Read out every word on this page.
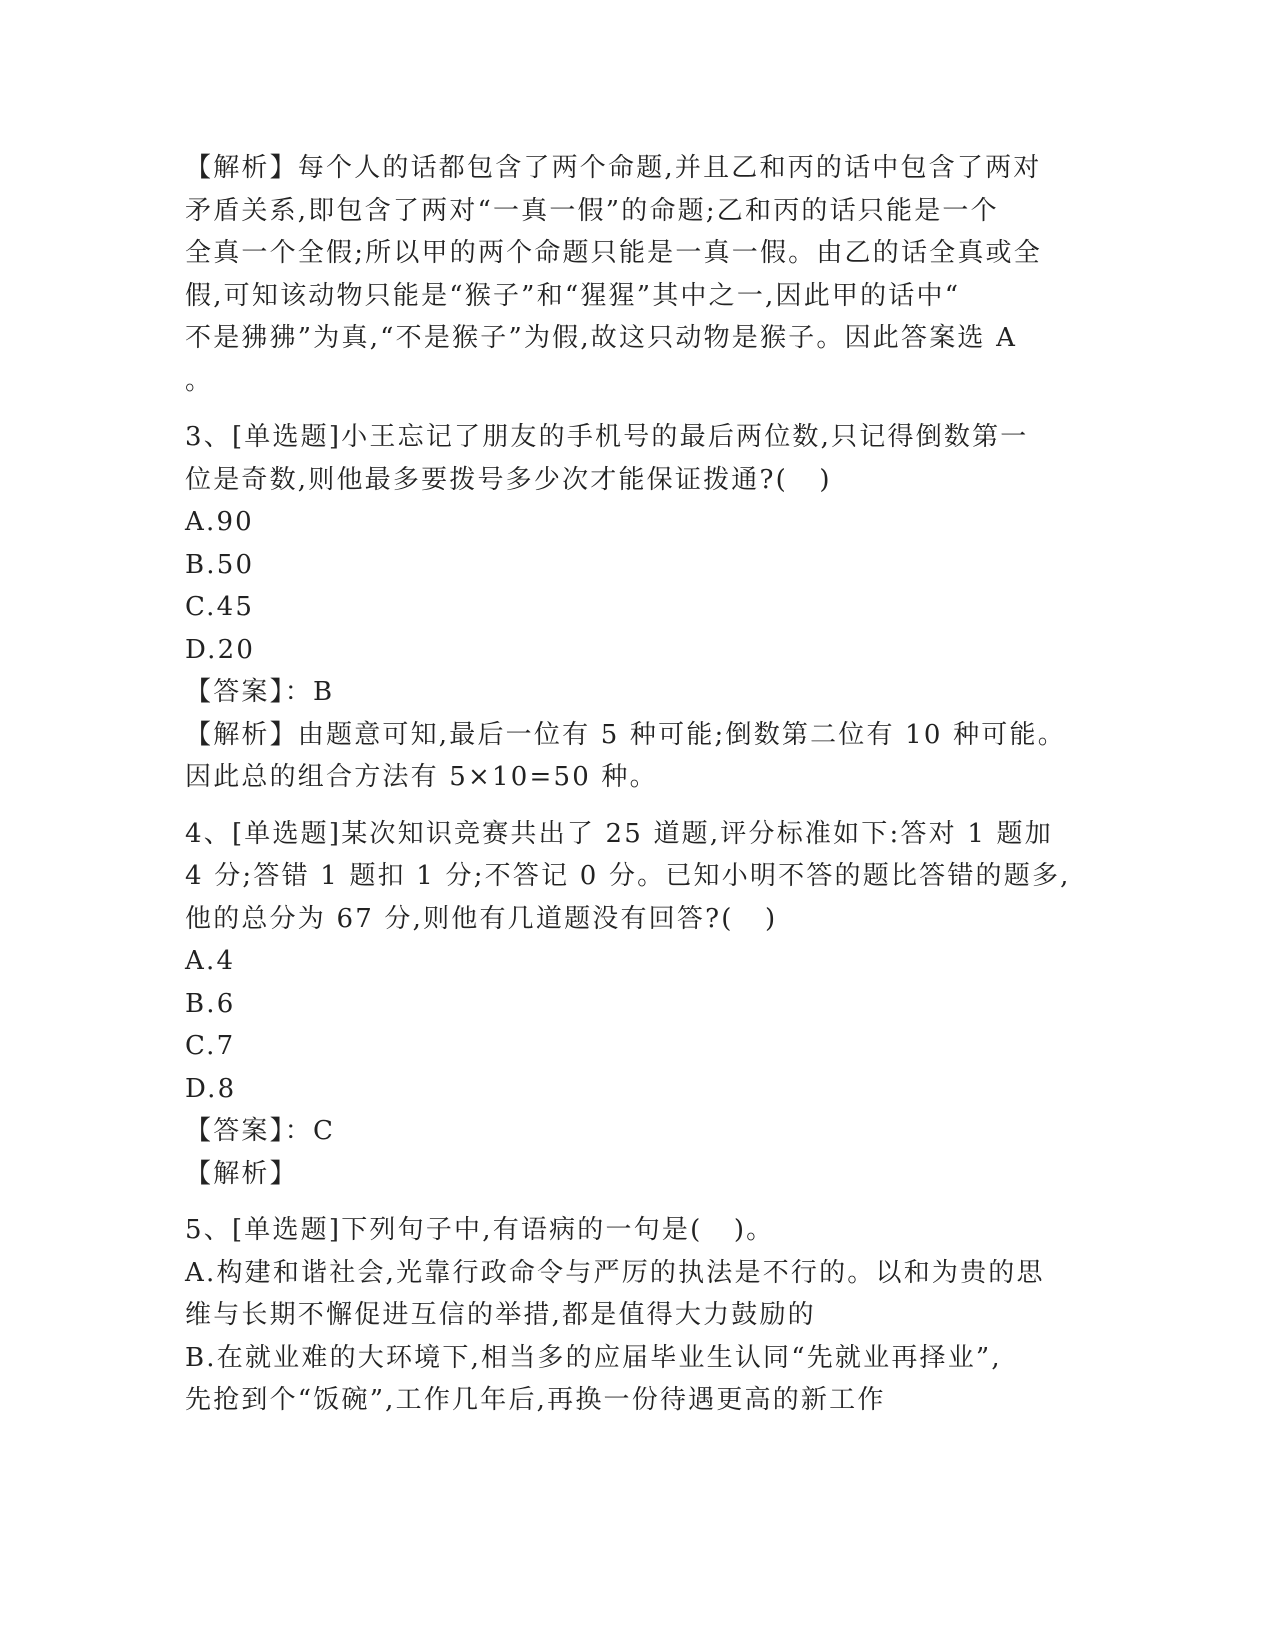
【解析】每个人的话都包含了两个命题,并且乙和丙的话中包含了两对
矛盾关系,即包含了两对“一真一假”的命题;乙和丙的话只能是一个
全真一个全假;所以甲的两个命题只能是一真一假。由乙的话全真或全
假,可知该动物只能是“猴子”和“猩猩”其中之一,因此甲的话中“
不是狒狒”为真,“不是猴子”为假,故这只动物是猴子。因此答案选 A
。
3、[单选题]小王忘记了朋友的手机号的最后两位数,只记得倒数第一
位是奇数,则他最多要拨号多少次才能保证拨通?(   )
A.90
B.50
C.45
D.20
【答案】：B
【解析】由题意可知,最后一位有 5 种可能;倒数第二位有 10 种可能。
因此总的组合方法有 5×10=50 种。
4、[单选题]某次知识竞赛共出了 25 道题,评分标准如下:答对 1 题加
4 分;答错 1 题扣 1 分;不答记 0 分。已知小明不答的题比答错的题多,
他的总分为 67 分,则他有几道题没有回答?(   )
A.4
B.6
C.7
D.8
【答案】：C
【解析】
5、[单选题]下列句子中,有语病的一句是(   )。
A.构建和谐社会,光靠行政命令与严厉的执法是不行的。以和为贵的思
维与长期不懈促进互信的举措,都是值得大力鼓励的
B.在就业难的大环境下,相当多的应届毕业生认同“先就业再择业”,
先抢到个“饭碗”,工作几年后,再换一份待遇更高的新工作
